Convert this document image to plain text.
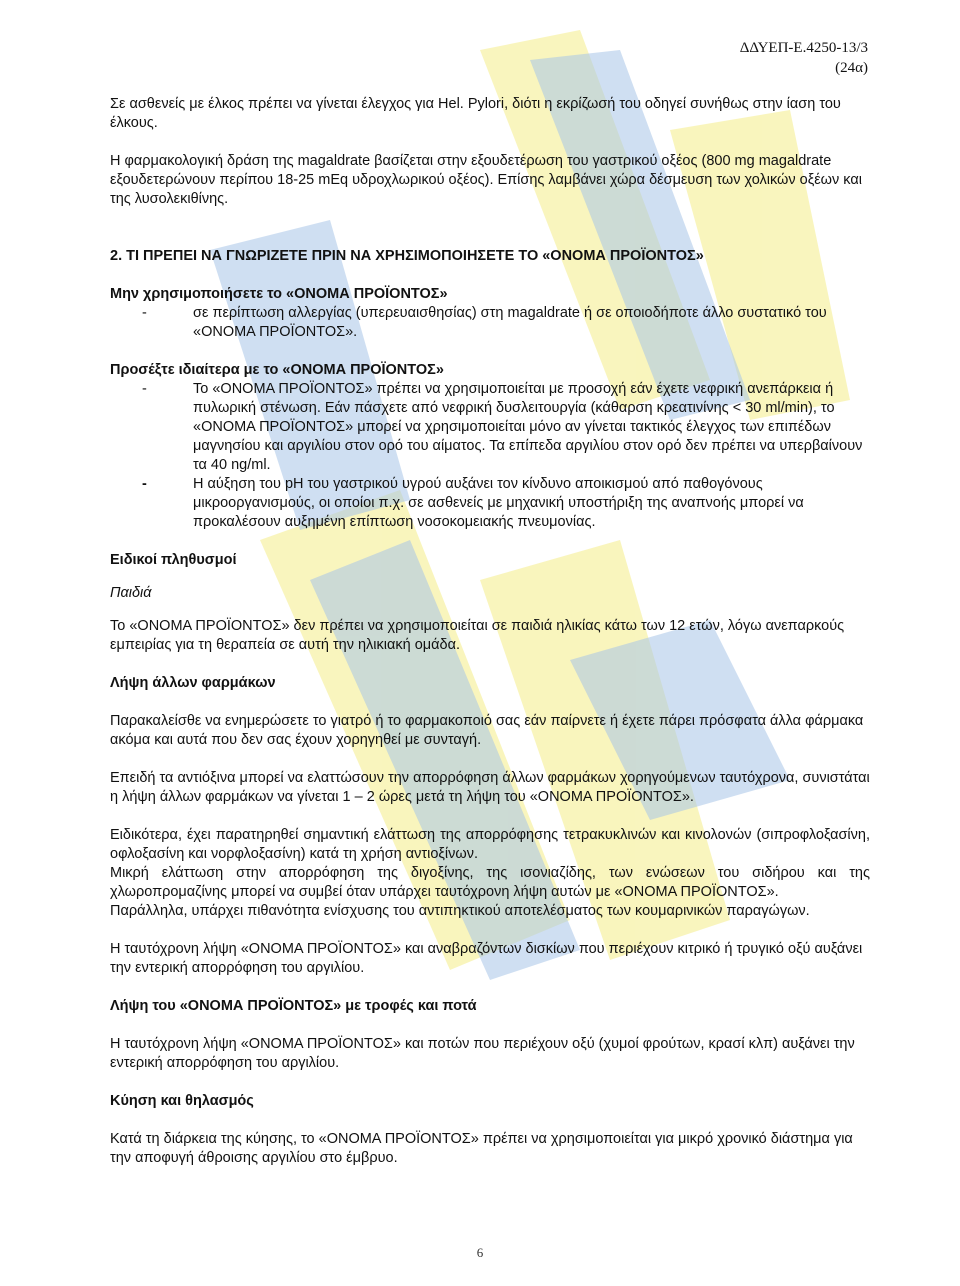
ΔΔΥΕΠ-Ε.4250-13/3
(24α)

Σε ασθενείς με έλκος πρέπει να γίνεται έλεγχος για Hel. Pylori, διότι η εκρίζωσή του οδηγεί συνήθως στην ίαση του έλκους.

Η φαρμακολογική δράση της magaldrate βασίζεται στην εξουδετέρωση του γαστρικού οξέος (800 mg magaldrate εξουδετερώνουν περίπου 18-25 mEq υδροχλωρικού οξέος). Επίσης λαμβάνει χώρα δέσμευση των χολικών οξέων και της λυσολεκιθίνης.

2. ΤΙ ΠΡΕΠΕΙ ΝΑ ΓΝΩΡΙΖΕΤΕ ΠΡΙΝ ΝΑ ΧΡΗΣΙΜΟΠΟΙΗΣΕΤΕ ΤΟ «ΟΝΟΜΑ ΠΡΟΪΟΝΤΟΣ»

Μην χρησιμοποιήσετε το «ΟΝΟΜΑ ΠΡΟΪΟΝΤΟΣ»

-	σε περίπτωση αλλεργίας (υπερευαισθησίας) στη magaldrate ή σε οποιοδήποτε άλλο συστατικό του «ΟΝΟΜΑ ΠΡΟΪΟΝΤΟΣ».

Προσέξτε ιδιαίτερα με το «ΟΝΟΜΑ ΠΡΟΪΟΝΤΟΣ»

-	Το «ΟΝΟΜΑ ΠΡΟΪΟΝΤΟΣ» πρέπει να χρησιμοποιείται με προσοχή εάν έχετε νεφρική ανεπάρκεια ή πυλωρική στένωση. Εάν πάσχετε από νεφρική δυσλειτουργία (κάθαρση κρεατινίνης < 30 ml/min), το «ΟΝΟΜΑ ΠΡΟΪΟΝΤΟΣ» μπορεί να χρησιμοποιείται μόνο αν γίνεται τακτικός έλεγχος των επιπέδων μαγνησίου και αργιλίου στον ορό του αίματος. Τα επίπεδα αργιλίου στον ορό δεν πρέπει να υπερβαίνουν τα 40 ng/ml.
-	Η αύξηση του pH του γαστρικού υγρού αυξάνει τον κίνδυνο αποικισμού από παθογόνους μικροοργανισμούς, οι οποίοι π.χ. σε ασθενείς με μηχανική υποστήριξη της αναπνοής μπορεί να προκαλέσουν αυξημένη επίπτωση νοσοκομειακής πνευμονίας.

Ειδικοί πληθυσμοί

Παιδιά

Το «ΟΝΟΜΑ ΠΡΟΪΟΝΤΟΣ» δεν πρέπει να χρησιμοποιείται σε παιδιά ηλικίας κάτω των 12 ετών, λόγω ανεπαρκούς εμπειρίας για τη θεραπεία σε αυτή την ηλικιακή ομάδα.

Λήψη άλλων φαρμάκων

Παρακαλείσθε να ενημερώσετε το γιατρό ή το φαρμακοποιό σας εάν παίρνετε ή έχετε πάρει πρόσφατα άλλα φάρμακα ακόμα και αυτά που δεν σας έχουν χορηγηθεί με συνταγή.

Επειδή τα αντιόξινα μπορεί να ελαττώσουν την απορρόφηση άλλων φαρμάκων χορηγούμενων ταυτόχρονα, συνιστάται η λήψη άλλων φαρμάκων να γίνεται 1 – 2 ώρες μετά τη λήψη του «ΟΝΟΜΑ ΠΡΟΪΟΝΤΟΣ».

Ειδικότερα, έχει παρατηρηθεί σημαντική ελάττωση της απορρόφησης τετρακυκλινών και κινολονών (σιπροφλοξασίνη, οφλοξασίνη και νορφλοξασίνη) κατά τη χρήση αντιοξίνων.

Μικρή ελάττωση στην απορρόφηση της διγοξίνης, της ισονιαζίδης, των ενώσεων του σιδήρου και της χλωροπρομαζίνης μπορεί να συμβεί όταν υπάρχει ταυτόχρονη λήψη αυτών με «ΟΝΟΜΑ ΠΡΟΪΟΝΤΟΣ».

Παράλληλα, υπάρχει πιθανότητα ενίσχυσης του αντιπηκτικού αποτελέσματος των κουμαρινικών παραγώγων.

Η ταυτόχρονη λήψη «ΟΝΟΜΑ ΠΡΟΪΟΝΤΟΣ» και αναβραζόντων δισκίων που περιέχουν κιτρικό ή τρυγικό οξύ αυξάνει την εντερική απορρόφηση του αργιλίου.

Λήψη του «ΟΝΟΜΑ ΠΡΟΪΟΝΤΟΣ» με τροφές και ποτά

Η ταυτόχρονη λήψη «ΟΝΟΜΑ ΠΡΟΪΟΝΤΟΣ» και ποτών που περιέχουν οξύ (χυμοί φρούτων, κρασί κλπ) αυξάνει την εντερική απορρόφηση του αργιλίου.

Κύηση και θηλασμός

Κατά τη διάρκεια της κύησης, το «ΟΝΟΜΑ ΠΡΟΪΟΝΤΟΣ» πρέπει να χρησιμοποιείται για μικρό χρονικό διάστημα για την αποφυγή άθροισης αργιλίου στο έμβρυο.

6
